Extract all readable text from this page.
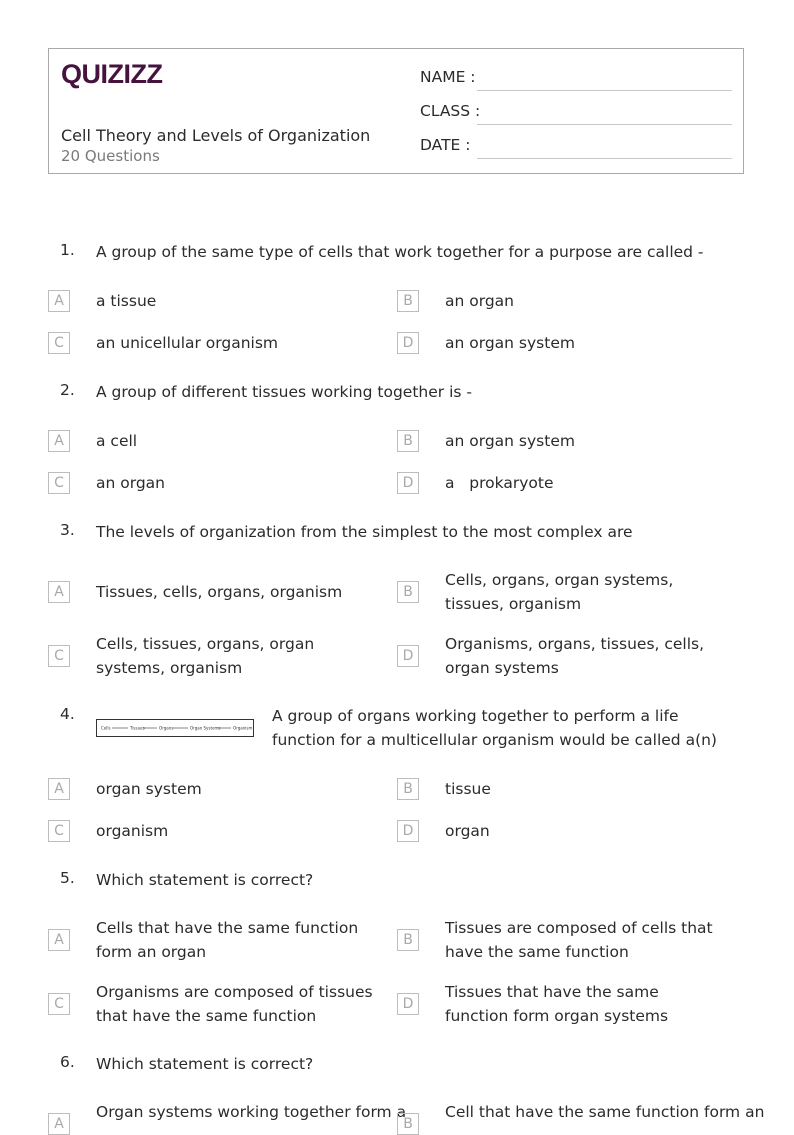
QUIZIZZ
Cell Theory and Levels of Organization
20 Questions
NAME :
CLASS :
DATE :
1. A group of the same type of cells that work together for a purpose are called -
A	a tissue	B	an organ
C	an unicellular organism	D	an organ system
2. A group of different tissues working together is -
A	a cell	B	an organ system
C	an organ	D	a   prokaryote
3. The levels of organization from the simplest to the most complex are
A	Tissues, cells, organs, organism	B
Cells, organs, organ systems, tissues, organism
C
Cells, tissues, organs, organ systems, organism
D
Organisms, organs, tissues, cells, organ systems
4.
Cells	Tissues	Organs	Organ Systems	Organism
A group of organs working together to perform a life function for a multicellular organism would be called a(n)
A	organ system	B	tissue
C	organism	D	organ
5. Which statement is correct?
A
Cells that have the same function form an organ
B
Tissues are composed of cells that have the same function
C
Organisms are composed of tissues that have the same function
D
Tissues that have the same function form organ systems
6. Which statement is correct?
A
Organ systems working together form a
B
Cell that have the same function form an
